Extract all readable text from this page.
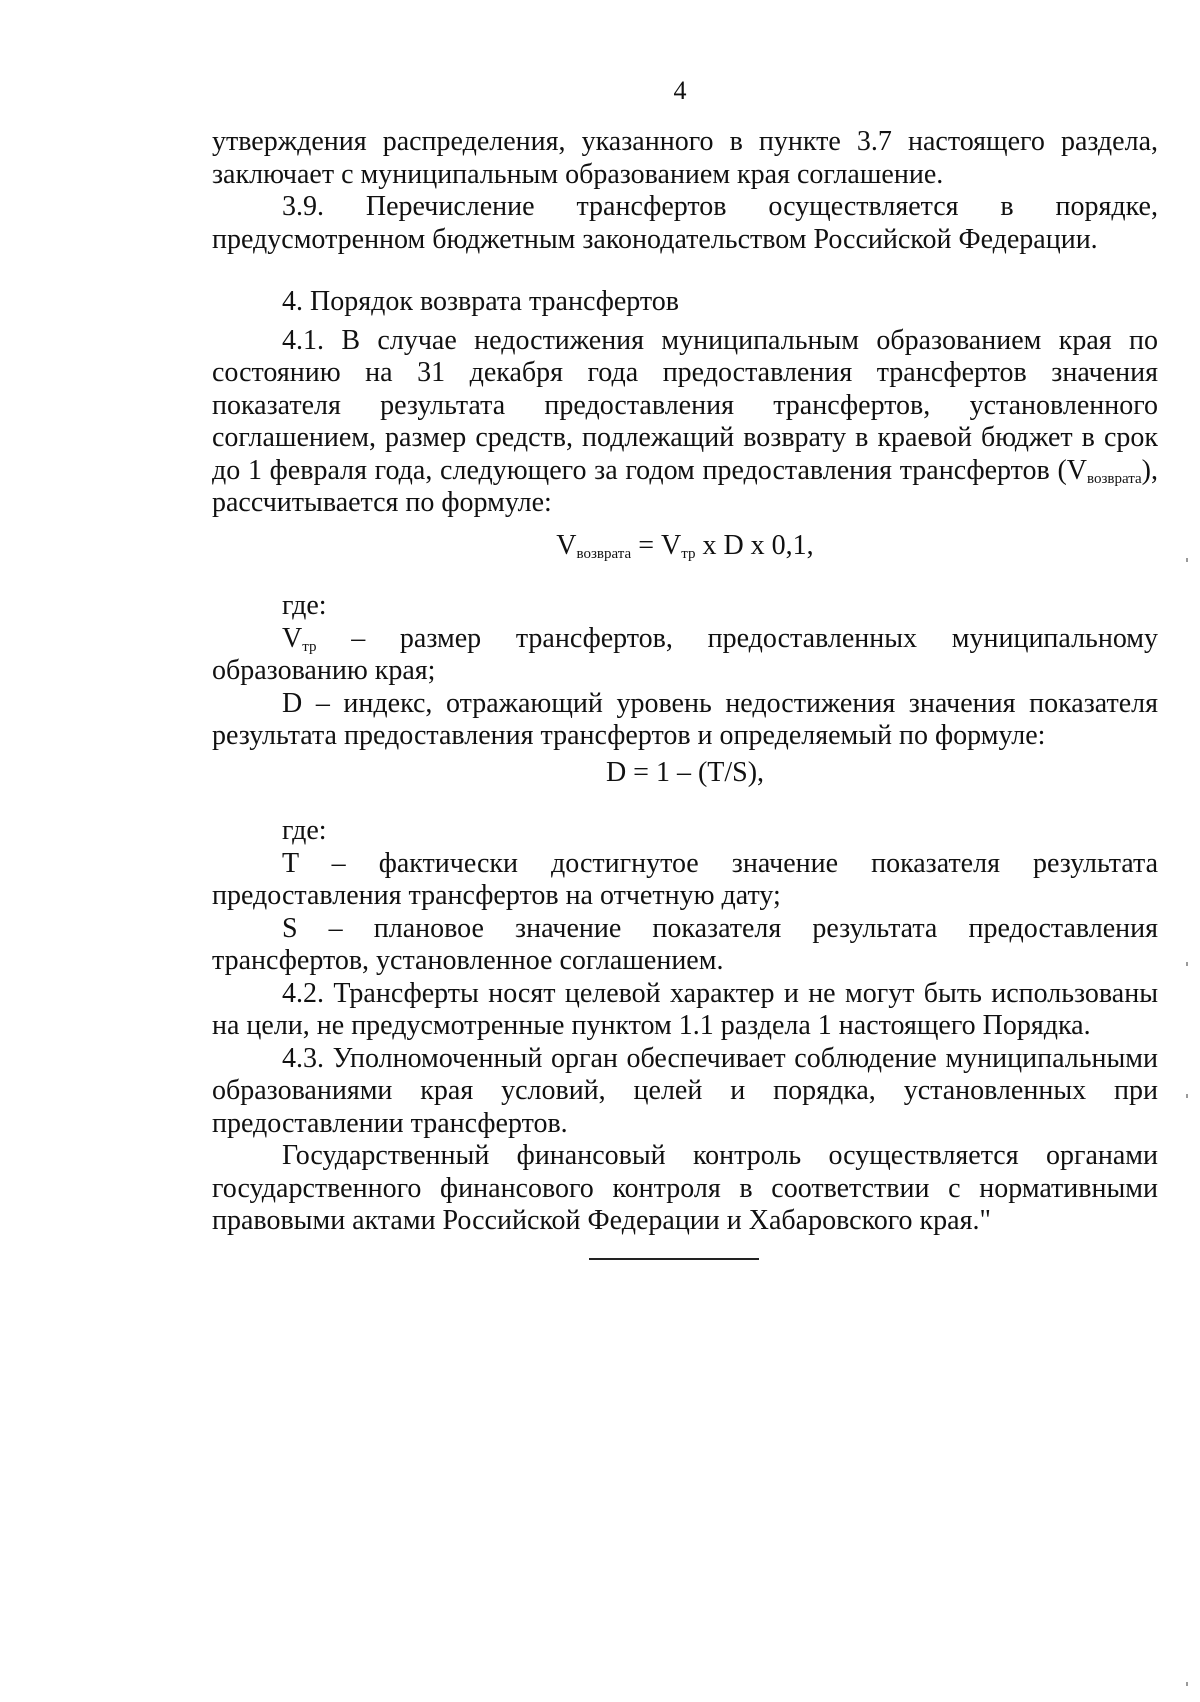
4

утверждения распределения, указанного в пункте 3.7 настоящего раздела, заключает с муниципальным образованием края соглашение.

3.9. Перечисление трансфертов осуществляется в порядке, предусмотренном бюджетным законодательством Российской Федерации.

4. Порядок возврата трансфертов

4.1. В случае недостижения муниципальным образованием края по состоянию на 31 декабря года предоставления трансфертов значения показателя результата предоставления трансфертов, установленного соглашением, размер средств, подлежащий возврату в краевой бюджет в срок до 1 февраля года, следующего за годом предоставления трансфертов $(V_{возврата})$, рассчитывается по формуле:

$V_{возврата} = V_{тр}$ x D x 0,1,

где:

$V_{тр}$ – размер трансфертов, предоставленных муниципальному образованию края;

D – индекс, отражающий уровень недостижения значения показателя результата предоставления трансфертов и определяемый по формуле:

D = 1 – (T/S),

где:

T – фактически достигнутое значение показателя результата предоставления трансфертов на отчетную дату;

S – плановое значение показателя результата предоставления трансфертов, установленное соглашением.

4.2. Трансферты носят целевой характер и не могут быть использованы на цели, не предусмотренные пунктом 1.1 раздела 1 настоящего Порядка.

4.3. Уполномоченный орган обеспечивает соблюдение муниципальными образованиями края условий, целей и порядка, установленных при предоставлении трансфертов.

Государственный финансовый контроль осуществляется органами государственного финансового контроля в соответствии с нормативными правовыми актами Российской Федерации и Хабаровского края."
